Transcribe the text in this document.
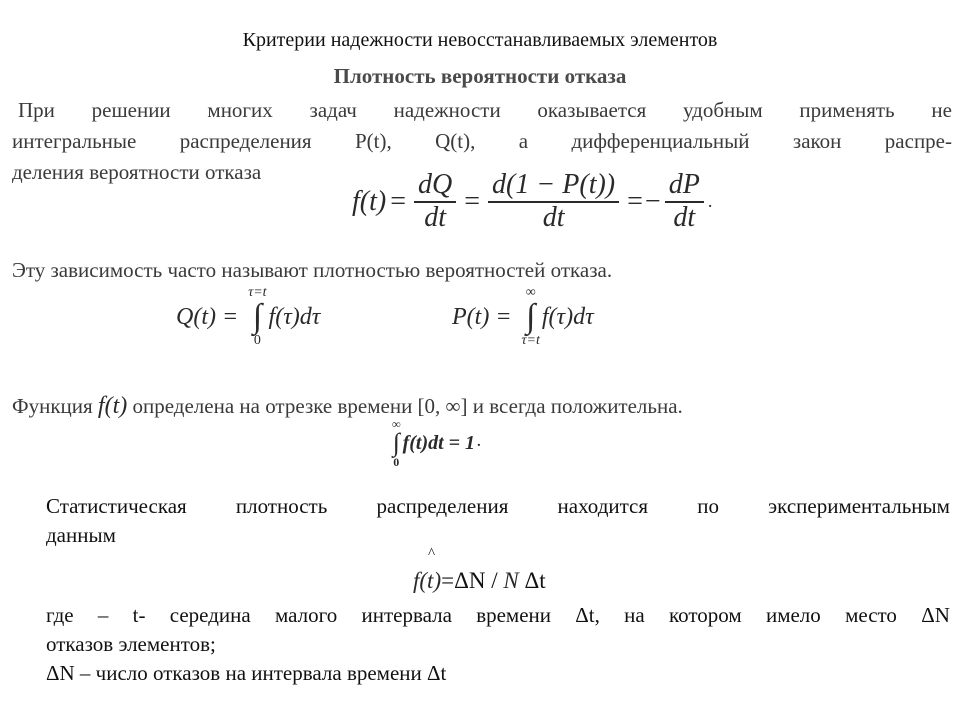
Критерии надежности невосстанавливаемых элементов
Плотность вероятности отказа
При решении многих задач надежности оказывается удобным применять не
интегральные распределения P(t), Q(t), а дифференциальный закон распре-
деления вероятности отказа
$f(t) = \frac{dQ}{dt} = \frac{d(1 - P(t))}{dt}$ = − $\frac{dP}{dt}$ .
Эту зависимость часто называют плотностью вероятностей отказа.
Q(t) =
τ=t
∫
0
f(τ)dτ	P(t) =
∞
∫
τ=t
f(τ)dτ
Функция f(t) определена на отрезке времени [0, ∞] и всегда положительна.
∞
∫
0
f(t)dt = 1 .
Статистическая плотность распределения находится по экспериментальным
данным
^
f(t)=ΔN / N Δt
где – t- середина малого интервала времени Δt, на котором имело место ΔN
отказов элементов;
ΔN – число отказов на интервала времени Δt
